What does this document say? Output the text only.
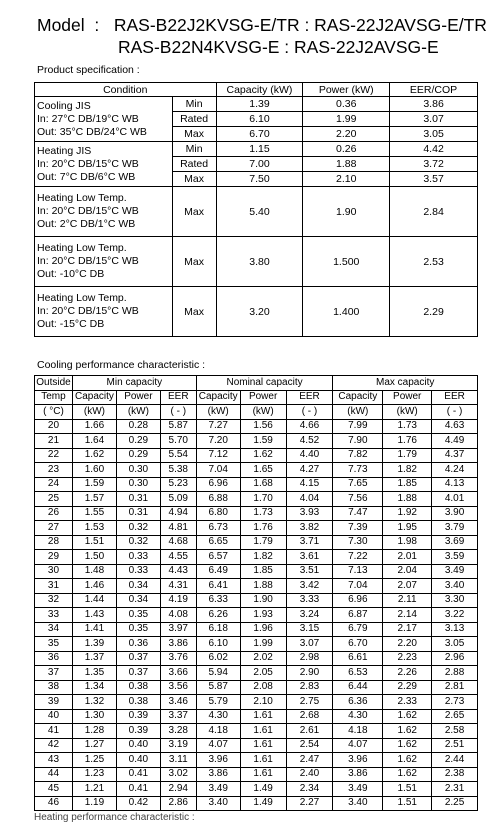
Model  :   RAS-B22J2KVSG-E/TR : RAS-22J2AVSG-E/TR
RAS-B22N4KVSG-E : RAS-22J2AVSG-E
Product specification :
Condition		Capacity (kW)	Power (kW)	EER/COP

Cooling JIS
In: 27°C DB/19°C WB
Out: 35°C DB/24°C WB	Min	1.39	0.36	3.86
	Rated	6.10	1.99	3.07
	Max	6.70	2.20	3.05

Heating JIS
In: 20°C DB/15°C WB
Out: 7°C DB/6°C WB	Min	1.15	0.26	4.42
	Rated	7.00	1.88	3.72
	Max	7.50	2.10	3.57

Heating Low Temp.
In: 20°C DB/15°C WB
Out: 2°C DB/1°C WB	Max	5.40	1.90	2.84

Heating Low Temp.
In: 20°C DB/15°C WB
Out: -10°C DB	Max	3.80	1.500	2.53

Heating Low Temp.
In: 20°C DB/15°C WB
Out: -15°C DB	Max	3.20	1.400	2.29
Cooling performance characteristic :
Outside	Min capacity			Nominal capacity			Max capacity		
Temp	Capacity	Power	EER	Capacity	Power	EER	Capacity	Power	EER
( °C)	(kW)	(kW)	( - )	(kW)	(kW)	( - )	(kW)	(kW)	( - )
20	1.66	0.28	5.87	7.27	1.56	4.66	7.99	1.73	4.63
21	1.64	0.29	5.70	7.20	1.59	4.52	7.90	1.76	4.49
22	1.62	0.29	5.54	7.12	1.62	4.40	7.82	1.79	4.37
23	1.60	0.30	5.38	7.04	1.65	4.27	7.73	1.82	4.24
24	1.59	0.30	5.23	6.96	1.68	4.15	7.65	1.85	4.13
25	1.57	0.31	5.09	6.88	1.70	4.04	7.56	1.88	4.01
26	1.55	0.31	4.94	6.80	1.73	3.93	7.47	1.92	3.90
27	1.53	0.32	4.81	6.73	1.76	3.82	7.39	1.95	3.79
28	1.51	0.32	4.68	6.65	1.79	3.71	7.30	1.98	3.69
29	1.50	0.33	4.55	6.57	1.82	3.61	7.22	2.01	3.59
30	1.48	0.33	4.43	6.49	1.85	3.51	7.13	2.04	3.49
31	1.46	0.34	4.31	6.41	1.88	3.42	7.04	2.07	3.40
32	1.44	0.34	4.19	6.33	1.90	3.33	6.96	2.11	3.30
33	1.43	0.35	4.08	6.26	1.93	3.24	6.87	2.14	3.22
34	1.41	0.35	3.97	6.18	1.96	3.15	6.79	2.17	3.13
35	1.39	0.36	3.86	6.10	1.99	3.07	6.70	2.20	3.05
36	1.37	0.37	3.76	6.02	2.02	2.98	6.61	2.23	2.96
37	1.35	0.37	3.66	5.94	2.05	2.90	6.53	2.26	2.88
38	1.34	0.38	3.56	5.87	2.08	2.83	6.44	2.29	2.81
39	1.32	0.38	3.46	5.79	2.10	2.75	6.36	2.33	2.73
40	1.30	0.39	3.37	4.30	1.61	2.68	4.30	1.62	2.65
41	1.28	0.39	3.28	4.18	1.61	2.61	4.18	1.62	2.58
42	1.27	0.40	3.19	4.07	1.61	2.54	4.07	1.62	2.51
43	1.25	0.40	3.11	3.96	1.61	2.47	3.96	1.62	2.44
44	1.23	0.41	3.02	3.86	1.61	2.40	3.86	1.62	2.38
45	1.21	0.41	2.94	3.49	1.49	2.34	3.49	1.51	2.31
46	1.19	0.42	2.86	3.40	1.49	2.27	3.40	1.51	2.25
Heating performance characteristic :
